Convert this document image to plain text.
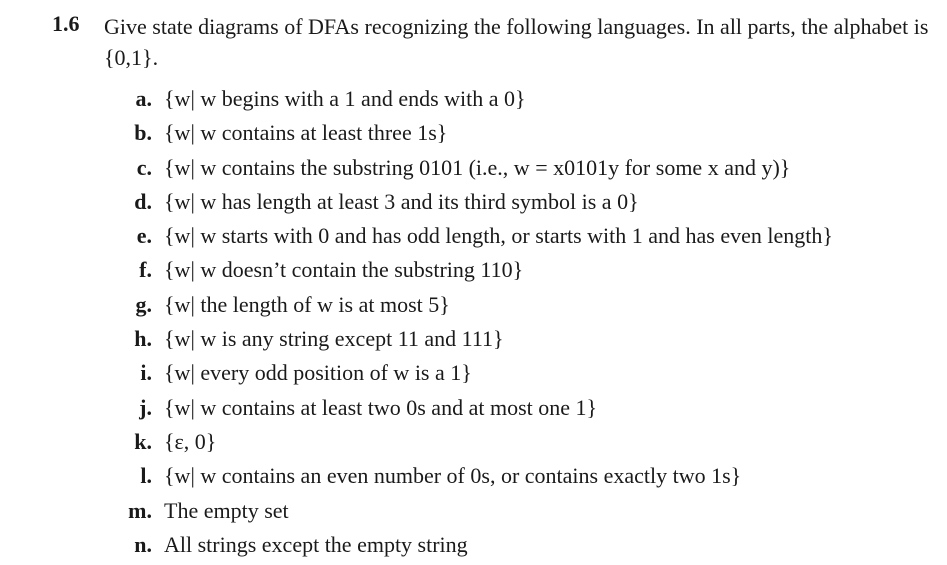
1.6 Give state diagrams of DFAs recognizing the following languages. In all parts, the alphabet is {0,1}.
a. {w| w begins with a 1 and ends with a 0}
b. {w| w contains at least three 1s}
c. {w| w contains the substring 0101 (i.e., w = x0101y for some x and y)}
d. {w| w has length at least 3 and its third symbol is a 0}
e. {w| w starts with 0 and has odd length, or starts with 1 and has even length}
f. {w| w doesn’t contain the substring 110}
g. {w| the length of w is at most 5}
h. {w| w is any string except 11 and 111}
i. {w| every odd position of w is a 1}
j. {w| w contains at least two 0s and at most one 1}
k. {ε, 0}
l. {w| w contains an even number of 0s, or contains exactly two 1s}
m. The empty set
n. All strings except the empty string
